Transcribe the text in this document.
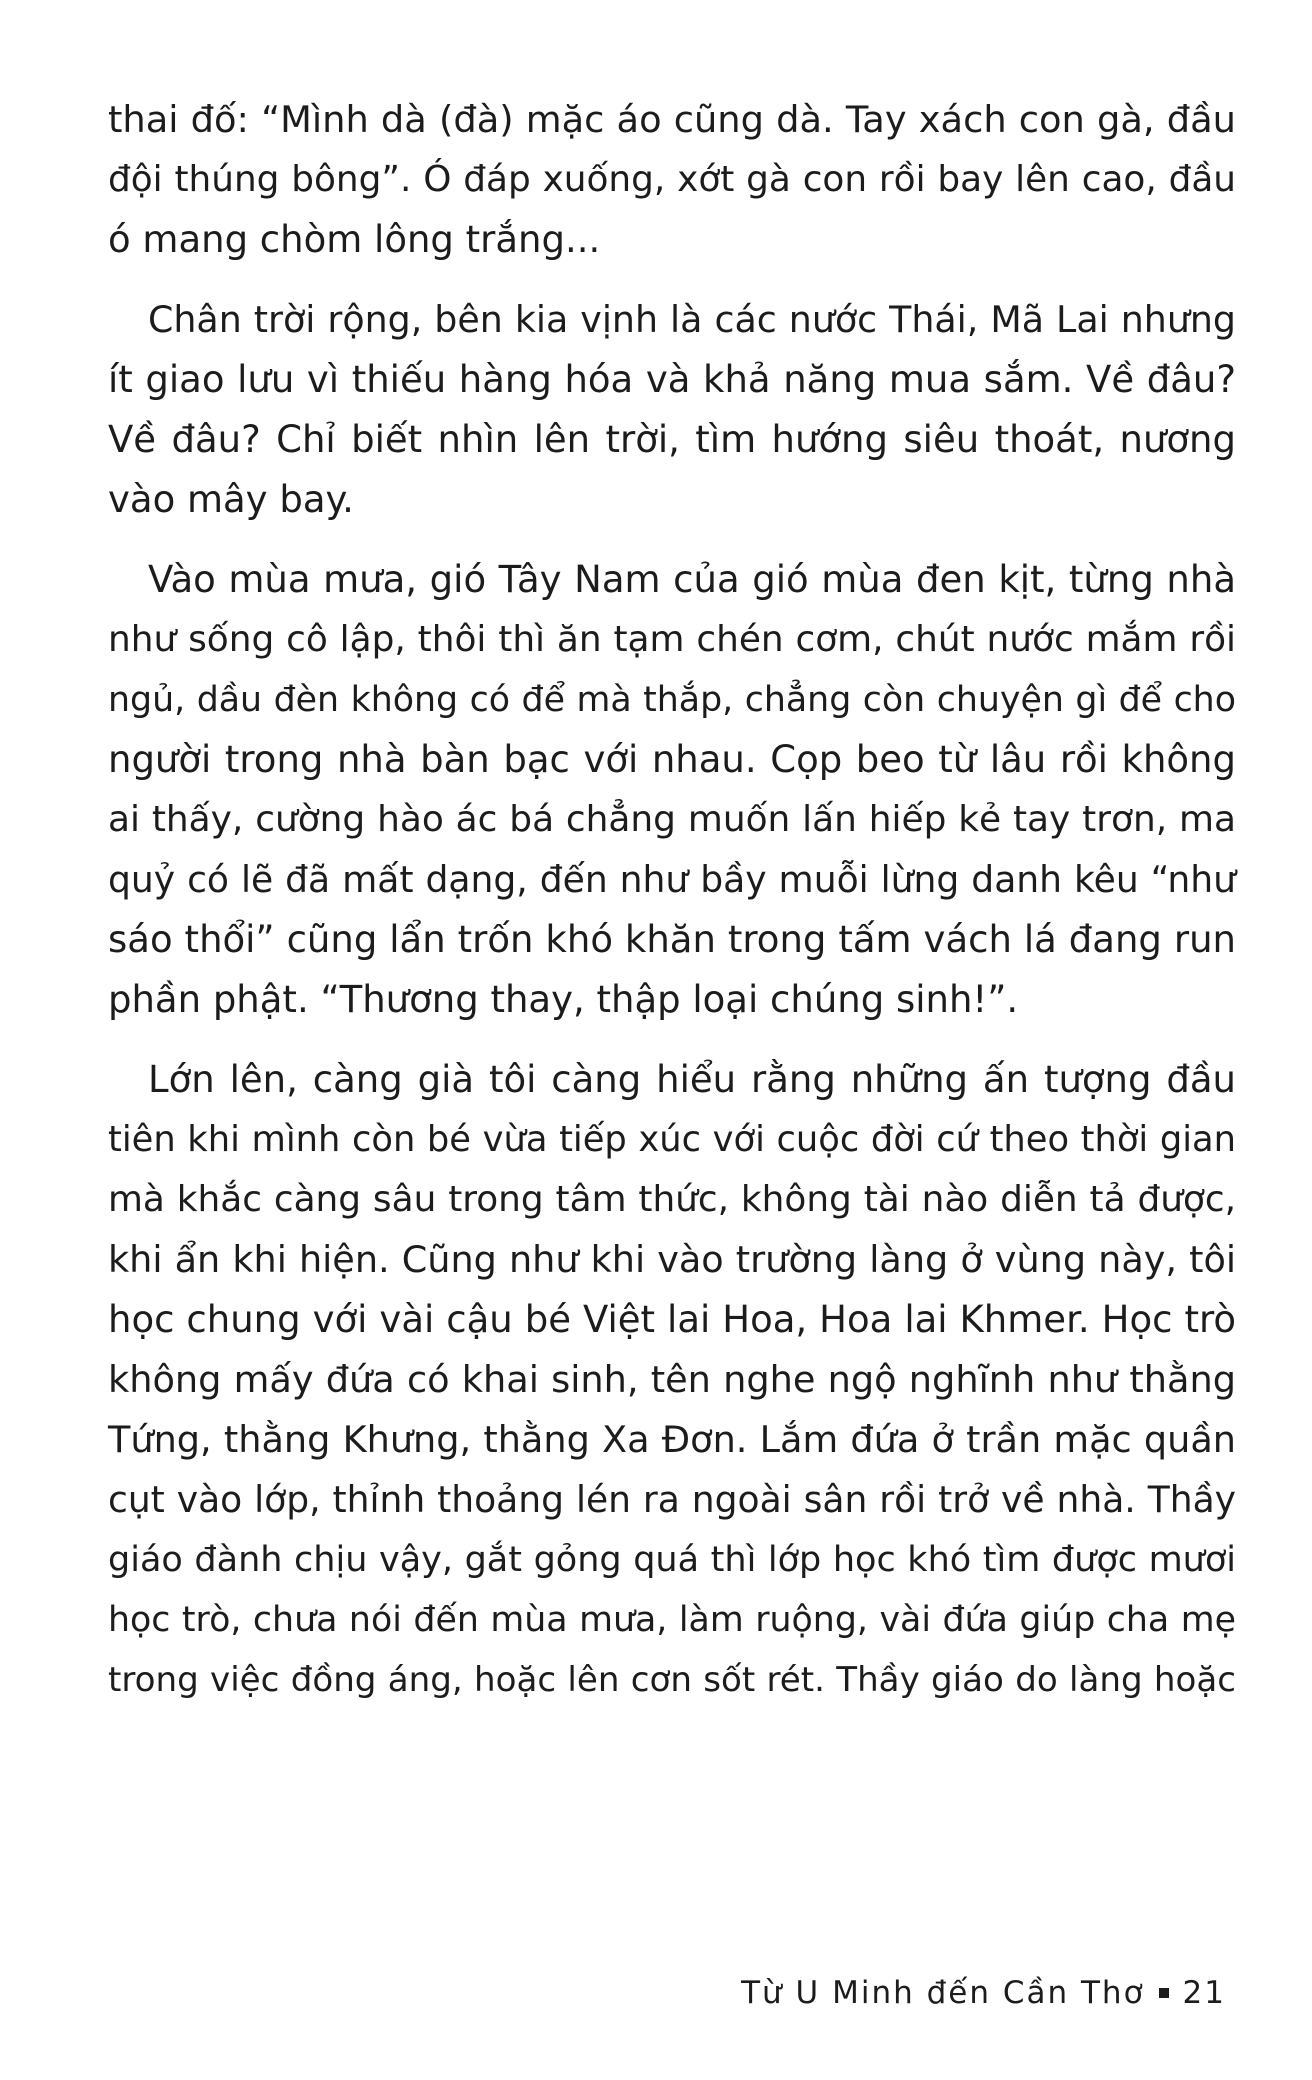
thai đố: “Mình dà (đà) mặc áo cũng dà. Tay xách con gà, đầu
đội thúng bông”. Ó đáp xuống, xớt gà con rồi bay lên cao, đầu
ó mang chòm lông trắng...

Chân trời rộng, bên kia vịnh là các nước Thái, Mã Lai nhưng
ít giao lưu vì thiếu hàng hóa và khả năng mua sắm. Về đâu?
Về đâu? Chỉ biết nhìn lên trời, tìm hướng siêu thoát, nương
vào mây bay.

Vào mùa mưa, gió Tây Nam của gió mùa đen kịt, từng nhà
như sống cô lập, thôi thì ăn tạm chén cơm, chút nước mắm rồi
ngủ, dầu đèn không có để mà thắp, chẳng còn chuyện gì để cho
người trong nhà bàn bạc với nhau. Cọp beo từ lâu rồi không
ai thấy, cường hào ác bá chẳng muốn lấn hiếp kẻ tay trơn, ma
quỷ có lẽ đã mất dạng, đến như bầy muỗi lừng danh kêu “như
sáo thổi” cũng lẩn trốn khó khăn trong tấm vách lá đang run
phần phật. “Thương thay, thập loại chúng sinh!”.

Lớn lên, càng già tôi càng hiểu rằng những ấn tượng đầu
tiên khi mình còn bé vừa tiếp xúc với cuộc đời cứ theo thời gian
mà khắc càng sâu trong tâm thức, không tài nào diễn tả được,
khi ẩn khi hiện. Cũng như khi vào trường làng ở vùng này, tôi
học chung với vài cậu bé Việt lai Hoa, Hoa lai Khmer. Học trò
không mấy đứa có khai sinh, tên nghe ngộ nghĩnh như thằng
Tứng, thằng Khưng, thằng Xa Đơn. Lắm đứa ở trần mặc quần
cụt vào lớp, thỉnh thoảng lén ra ngoài sân rồi trở về nhà. Thầy
giáo đành chịu vậy, gắt gỏng quá thì lớp học khó tìm được mươi
học trò, chưa nói đến mùa mưa, làm ruộng, vài đứa giúp cha mẹ
trong việc đồng áng, hoặc lên cơn sốt rét. Thầy giáo do làng hoặc

Từ U Minh đến Cần Thơ 21
